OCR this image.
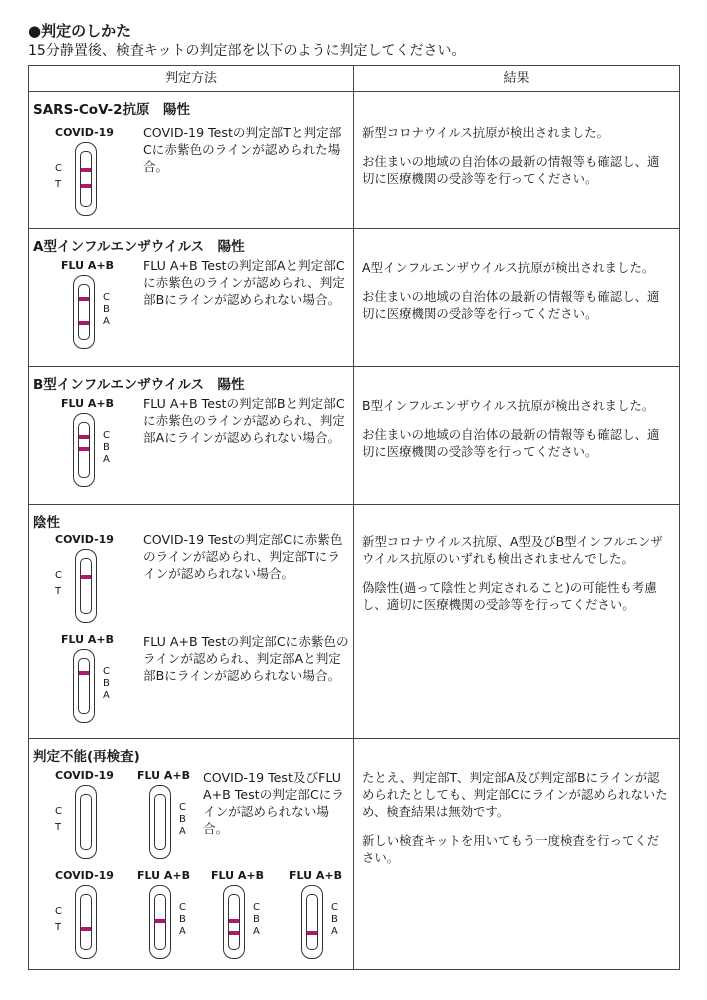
●判定のしかた
15分静置後、検査キットの判定部を以下のように判定してください。
判定方法	結果
SARS-CoV-2抗原　陽性
COVID-19
C
T
COVID-19 Testの判定部Tと判定部Cに赤紫色のラインが認められた場合。

新型コロナウイルス抗原が検出されました。

お住まいの地域の自治体の最新の情報等も確認し、適切に医療機関の受診等を行ってください。

A型インフルエンザウイルス　陽性
FLU A+B
C
B
A
FLU A+B Testの判定部Aと判定部Cに赤紫色のラインが認められ、判定部Bにラインが認められない場合。

A型インフルエンザウイルス抗原が検出されました。

お住まいの地域の自治体の最新の情報等も確認し、適切に医療機関の受診等を行ってください。

B型インフルエンザウイルス　陽性
FLU A+B
C
B
A
FLU A+B Testの判定部Bと判定部Cに赤紫色のラインが認められ、判定部Aにラインが認められない場合。

B型インフルエンザウイルス抗原が検出されました。

お住まいの地域の自治体の最新の情報等も確認し、適切に医療機関の受診等を行ってください。

陰性
COVID-19
C
T
COVID-19 Testの判定部Cに赤紫色のラインが認められ、判定部Tにラインが認められない場合。
FLU A+B
C
B
A
FLU A+B Testの判定部Cに赤紫色のラインが認められ、判定部Aと判定部Bにラインが認められない場合。

新型コロナウイルス抗原、A型及びB型インフルエンザウイルス抗原のいずれも検出されませんでした。

偽陰性(過って陰性と判定されること)の可能性も考慮し、適切に医療機関の受診等を行ってください。

判定不能(再検査)
COVID-19
C
T
FLU A+B
C
B
A
COVID-19 Test及びFLU A+B Testの判定部Cにラインが認められない場合。
COVID-19
C
T
FLU A+B
C
B
A
FLU A+B
C
B
A
FLU A+B
C
B
A

たとえ、判定部T、判定部A及び判定部Bにラインが認められたとしても、判定部Cにラインが認められないため、検査結果は無効です。

新しい検査キットを用いてもう一度検査を行ってください。
